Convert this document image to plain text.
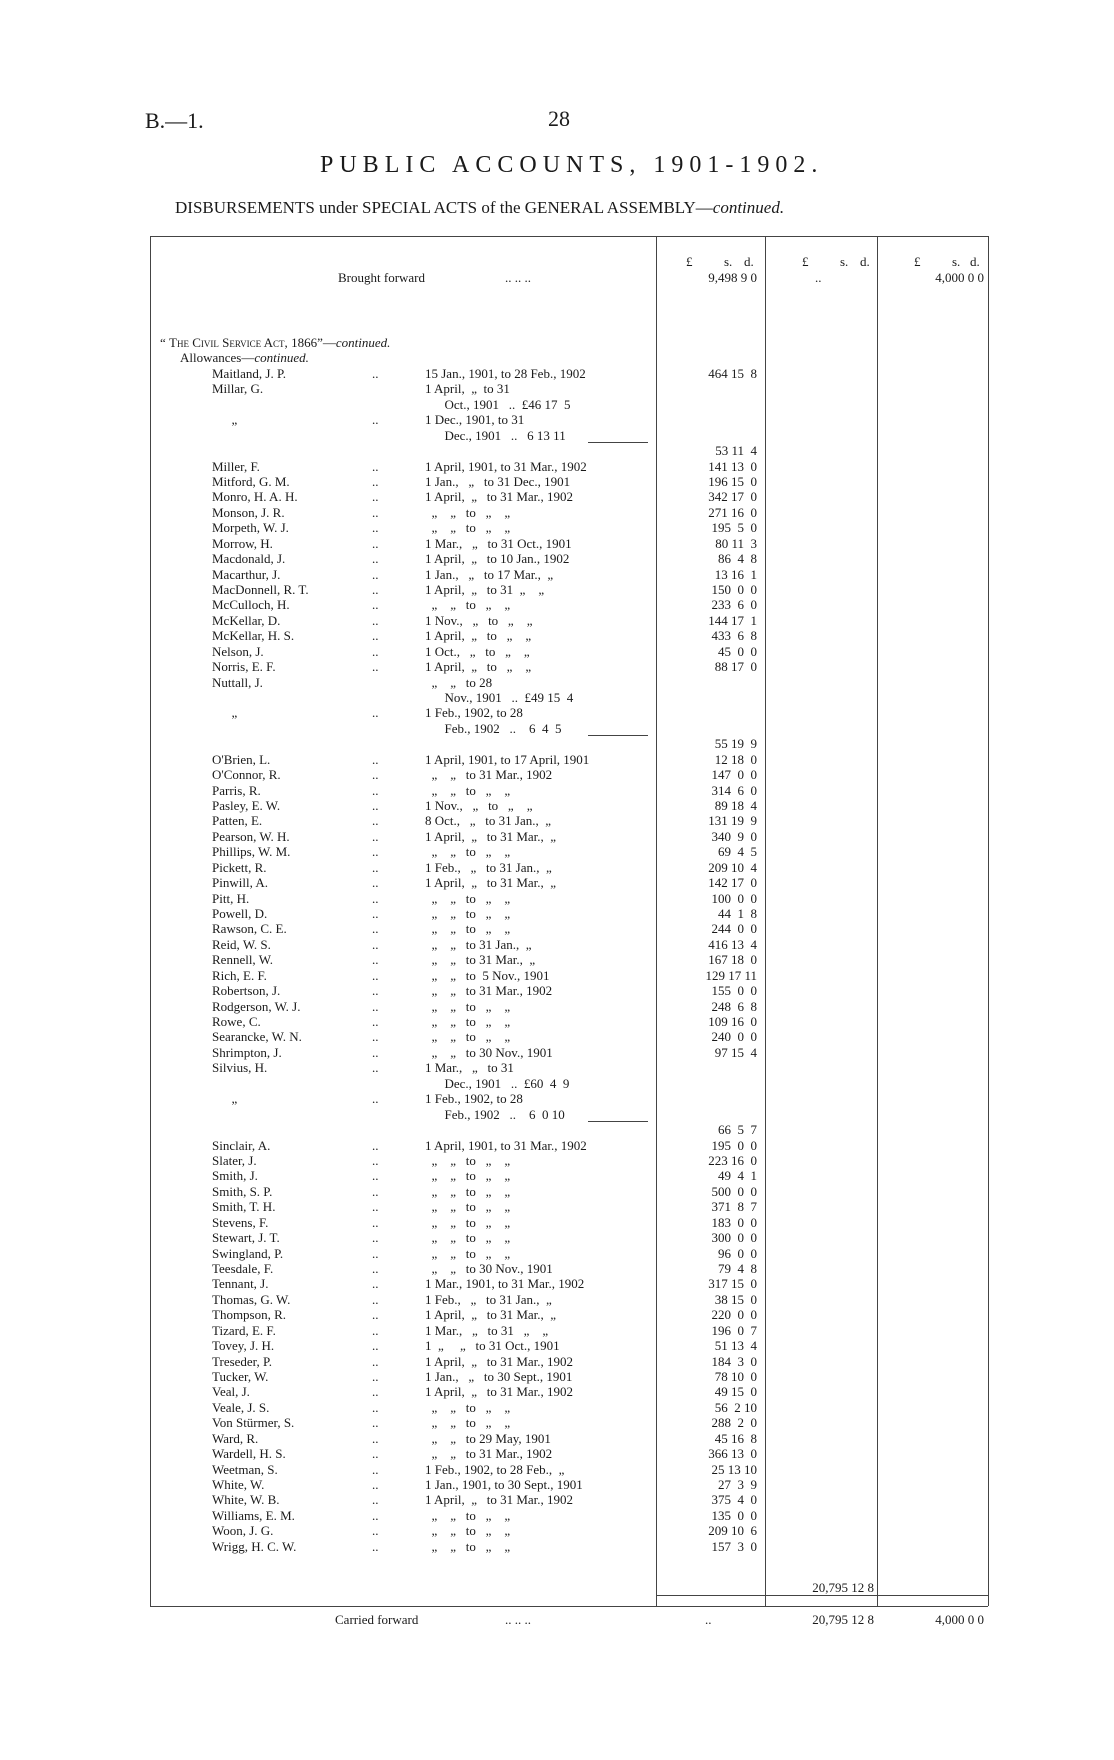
B.—1.	28
PUBLIC ACCOUNTS, 1901-1902.
DISBURSEMENTS under SPECIAL ACTS of the GENERAL ASSEMBLY—continued.
£ s. d.	£ s. d.	£ s. d.
Brought forward	.. .. ..	9,498 9 0	..	4,000 0 0
“ The Civil Service Act, 1866”—continued.
Allowances—continued.
Maitland, J. P.	..	15 Jan., 1901, to 28 Feb., 1902	464 15  8
Millar, G.	1 April,  „  to 31
Oct., 1901   ..  £46 17  5
„	..	1 Dec., 1901, to 31
Dec., 1901   ..   6 13 11
53 11  4
Miller, F.	..	1 April, 1901, to 31 Mar., 1902	141 13  0
Mitford, G. M.	..	1 Jan.,   „   to 31 Dec., 1901	196 15  0
Monro, H. A. H.	..	1 April,  „   to 31 Mar., 1902	342 17  0
Monson, J. R.	..	„    „   to   „    „	271 16  0
Morpeth, W. J.	..	„    „   to   „    „	195  5  0
Morrow, H.	..	1 Mar.,   „   to 31 Oct., 1901	80 11  3
Macdonald, J.	..	1 April,  „   to 10 Jan., 1902	86  4  8
Macarthur, J.	..	1 Jan.,   „   to 17 Mar.,  „	13 16  1
MacDonnell, R. T.	..	1 April,  „   to 31  „    „	150  0  0
McCulloch, H.	..	„    „   to   „    „	233  6  0
McKellar, D.	..	1 Nov.,   „   to   „    „	144 17  1
McKellar, H. S.	..	1 April,  „   to   „    „	433  6  8
Nelson, J.	..	1 Oct.,   „   to   „    „	45  0  0
Norris, E. F.	..	1 April,  „   to   „    „	88 17  0
Nuttall, J.	„    „   to 28
Nov., 1901   ..  £49 15  4
„	..	1 Feb., 1902, to 28
Feb., 1902   ..    6  4  5
55 19  9
O'Brien, L.	..	1 April, 1901, to 17 April, 1901	12 18  0
O'Connor, R.	..	„    „   to 31 Mar., 1902	147  0  0
Parris, R.	..	„    „   to   „    „	314  6  0
Pasley, E. W.	..	1 Nov.,   „   to   „    „	89 18  4
Patten, E.	..	8 Oct.,   „   to 31 Jan.,  „	131 19  9
Pearson, W. H.	..	1 April,  „   to 31 Mar.,  „	340  9  0
Phillips, W. M.	..	„    „   to   „    „	69  4  5
Pickett, R.	..	1 Feb.,   „   to 31 Jan.,  „	209 10  4
Pinwill, A.	..	1 April,  „   to 31 Mar.,  „	142 17  0
Pitt, H.	..	„    „   to   „    „	100  0  0
Powell, D.	..	„    „   to   „    „	44  1  8
Rawson, C. E.	..	„    „   to   „    „	244  0  0
Reid, W. S.	..	„    „   to 31 Jan.,  „	416 13  4
Rennell, W.	..	„    „   to 31 Mar.,  „	167 18  0
Rich, E. F.	..	„    „   to  5 Nov., 1901	129 17 11
Robertson, J.	..	„    „   to 31 Mar., 1902	155  0  0
Rodgerson, W. J.	..	„    „   to   „    „	248  6  8
Rowe, C.	..	„    „   to   „    „	109 16  0
Searancke, W. N.	..	„    „   to   „    „	240  0  0
Shrimpton, J.	..	„    „   to 30 Nov., 1901	97 15  4
Silvius, H.	..	1 Mar.,   „   to 31
Dec., 1901   ..  £60  4  9
„	..	1 Feb., 1902, to 28
Feb., 1902   ..    6  0 10
66  5  7
Sinclair, A.	..	1 April, 1901, to 31 Mar., 1902	195  0  0
Slater, J.	..	„    „   to   „    „	223 16  0
Smith, J.	..	„    „   to   „    „	49  4  1
Smith, S. P.	..	„    „   to   „    „	500  0  0
Smith, T. H.	..	„    „   to   „    „	371  8  7
Stevens, F.	..	„    „   to   „    „	183  0  0
Stewart, J. T.	..	„    „   to   „    „	300  0  0
Swingland, P.	..	„    „   to   „    „	96  0  0
Teesdale, F.	..	„    „   to 30 Nov., 1901	79  4  8
Tennant, J.	..	1 Mar., 1901, to 31 Mar., 1902	317 15  0
Thomas, G. W.	..	1 Feb.,   „   to 31 Jan.,  „	38 15  0
Thompson, R.	..	1 April,  „   to 31 Mar.,  „	220  0  0
Tizard, E. F.	..	1 Mar.,   „   to 31   „    „	196  0  7
Tovey, J. H.	..	1  „     „   to 31 Oct., 1901	51 13  4
Treseder, P.	..	1 April,  „   to 31 Mar., 1902	184  3  0
Tucker, W.	..	1 Jan.,   „   to 30 Sept., 1901	78 10  0
Veal, J.	..	1 April,  „   to 31 Mar., 1902	49 15  0
Veale, J. S.	..	„    „   to   „    „	56  2 10
Von Stürmer, S.	..	„    „   to   „    „	288  2  0
Ward, R.	..	„    „   to 29 May, 1901	45 16  8
Wardell, H. S.	..	„    „   to 31 Mar., 1902	366 13  0
Weetman, S.	..	1 Feb., 1902, to 28 Feb.,  „	25 13 10
White, W.	..	1 Jan., 1901, to 30 Sept., 1901	27  3  9
White, W. B.	..	1 April,  „   to 31 Mar., 1902	375  4  0
Williams, E. M.	..	„    „   to   „    „	135  0  0
Woon, J. G.	..	„    „   to   „    „	209 10  6
Wrigg, H. C. W.	..	„    „   to   „    „	157  3  0
20,795 12 8
Carried forward	.. .. ..	..	20,795 12 8	4,000 0 0
